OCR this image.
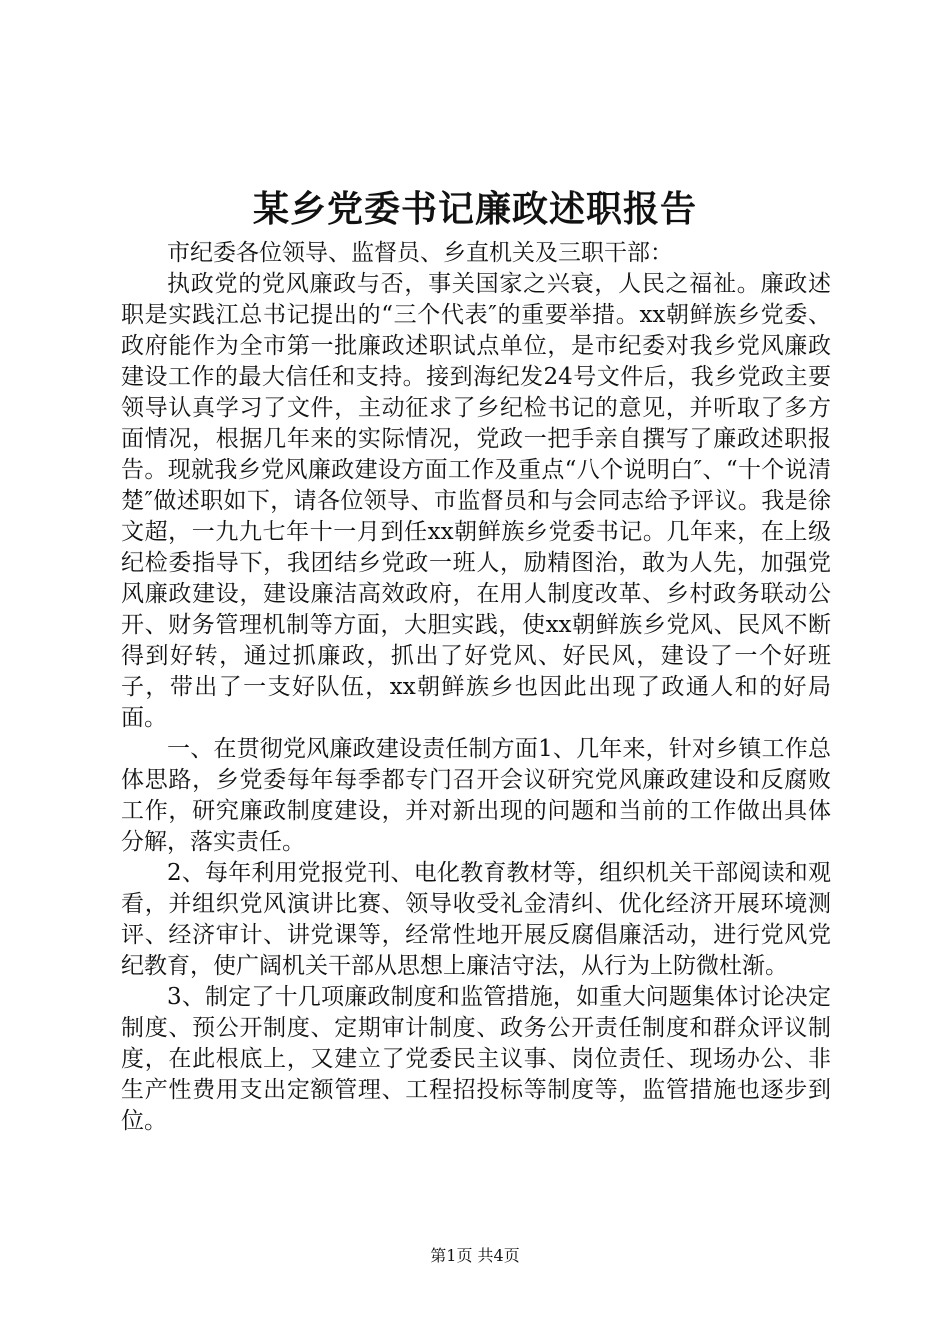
某乡党委书记廉政述职报告

市纪委各位领导、监督员、乡直机关及三职干部：

执政党的党风廉政与否，事关国家之兴衰，人民之福祉。廉政述职是实践江总书记提出的“三个代表″的重要举措。xx朝鲜族乡党委、政府能作为全市第一批廉政述职试点单位，是市纪委对我乡党风廉政建设工作的最大信任和支持。接到海纪发24号文件后，我乡党政主要领导认真学习了文件，主动征求了乡纪检书记的意见，并听取了多方面情况，根据几年来的实际情况，党政一把手亲自撰写了廉政述职报告。现就我乡党风廉政建设方面工作及重点“八个说明白″、“十个说清楚″做述职如下，请各位领导、市监督员和与会同志给予评议。我是徐文超，一九九七年十一月到任xx朝鲜族乡党委书记。几年来，在上级纪检委指导下，我团结乡党政一班人，励精图治，敢为人先，加强党风廉政建设，建设廉洁高效政府，在用人制度改革、乡村政务联动公开、财务管理机制等方面，大胆实践，使xx朝鲜族乡党风、民风不断得到好转，通过抓廉政，抓出了好党风、好民风，建设了一个好班子，带出了一支好队伍，xx朝鲜族乡也因此出现了政通人和的好局面。

一、在贯彻党风廉政建设责任制方面1、几年来，针对乡镇工作总体思路，乡党委每年每季都专门召开会议研究党风廉政建设和反腐败工作，研究廉政制度建设，并对新出现的问题和当前的工作做出具体分解，落实责任。

2、每年利用党报党刊、电化教育教材等，组织机关干部阅读和观看，并组织党风演讲比赛、领导收受礼金清纠、优化经济开展环境测评、经济审计、讲党课等，经常性地开展反腐倡廉活动，进行党风党纪教育，使广阔机关干部从思想上廉洁守法，从行为上防微杜渐。

3、制定了十几项廉政制度和监管措施，如重大问题集体讨论决定制度、预公开制度、定期审计制度、政务公开责任制度和群众评议制度，在此根底上，又建立了党委民主议事、岗位责任、现场办公、非生产性费用支出定额管理、工程招投标等制度等，监管措施也逐步到位。

第1页 共4页
